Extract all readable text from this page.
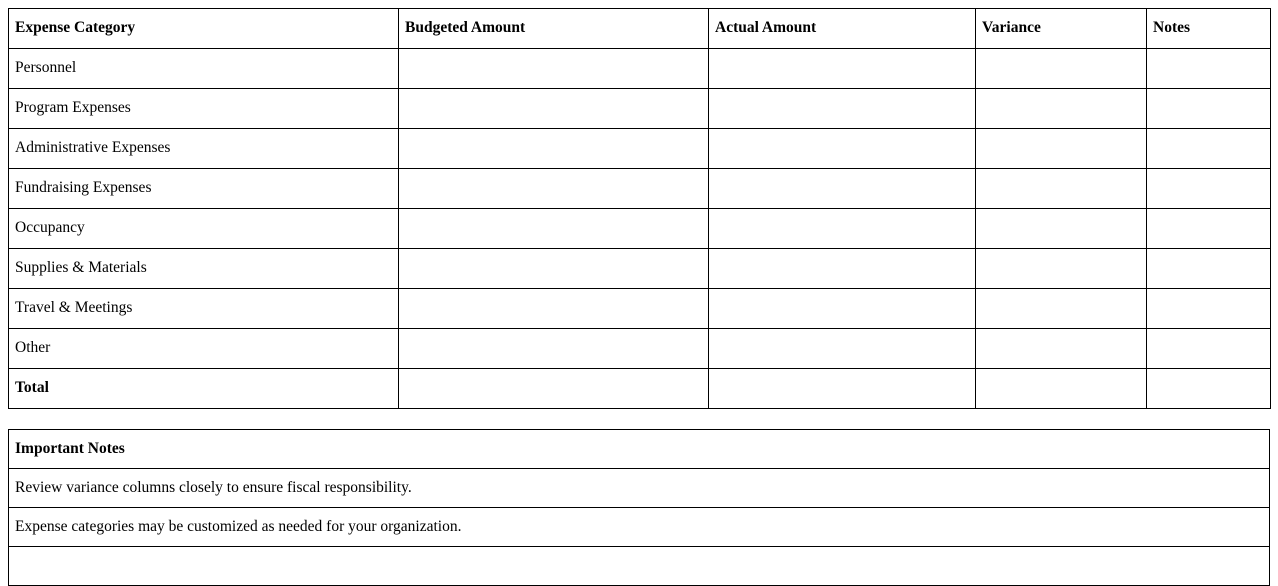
Expense Category	Budgeted Amount	Actual Amount	Variance	Notes
Personnel				
Program Expenses				
Administrative Expenses				
Fundraising Expenses				
Occupancy				
Supplies & Materials				
Travel & Meetings				
Other				
Total				
Important Notes
Review variance columns closely to ensure fiscal responsibility.
Expense categories may be customized as needed for your organization.
